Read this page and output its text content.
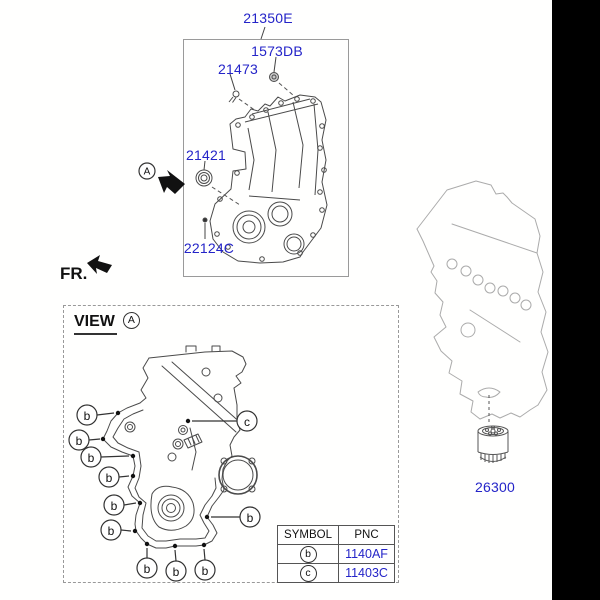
A
b
b
b
b
b
b
b b b
b
c
21350E
1573DB
21473
21421
22124C
26300
FR.
VIEW A
SYMBOL	PNC
b	1140AF
c	11403C
